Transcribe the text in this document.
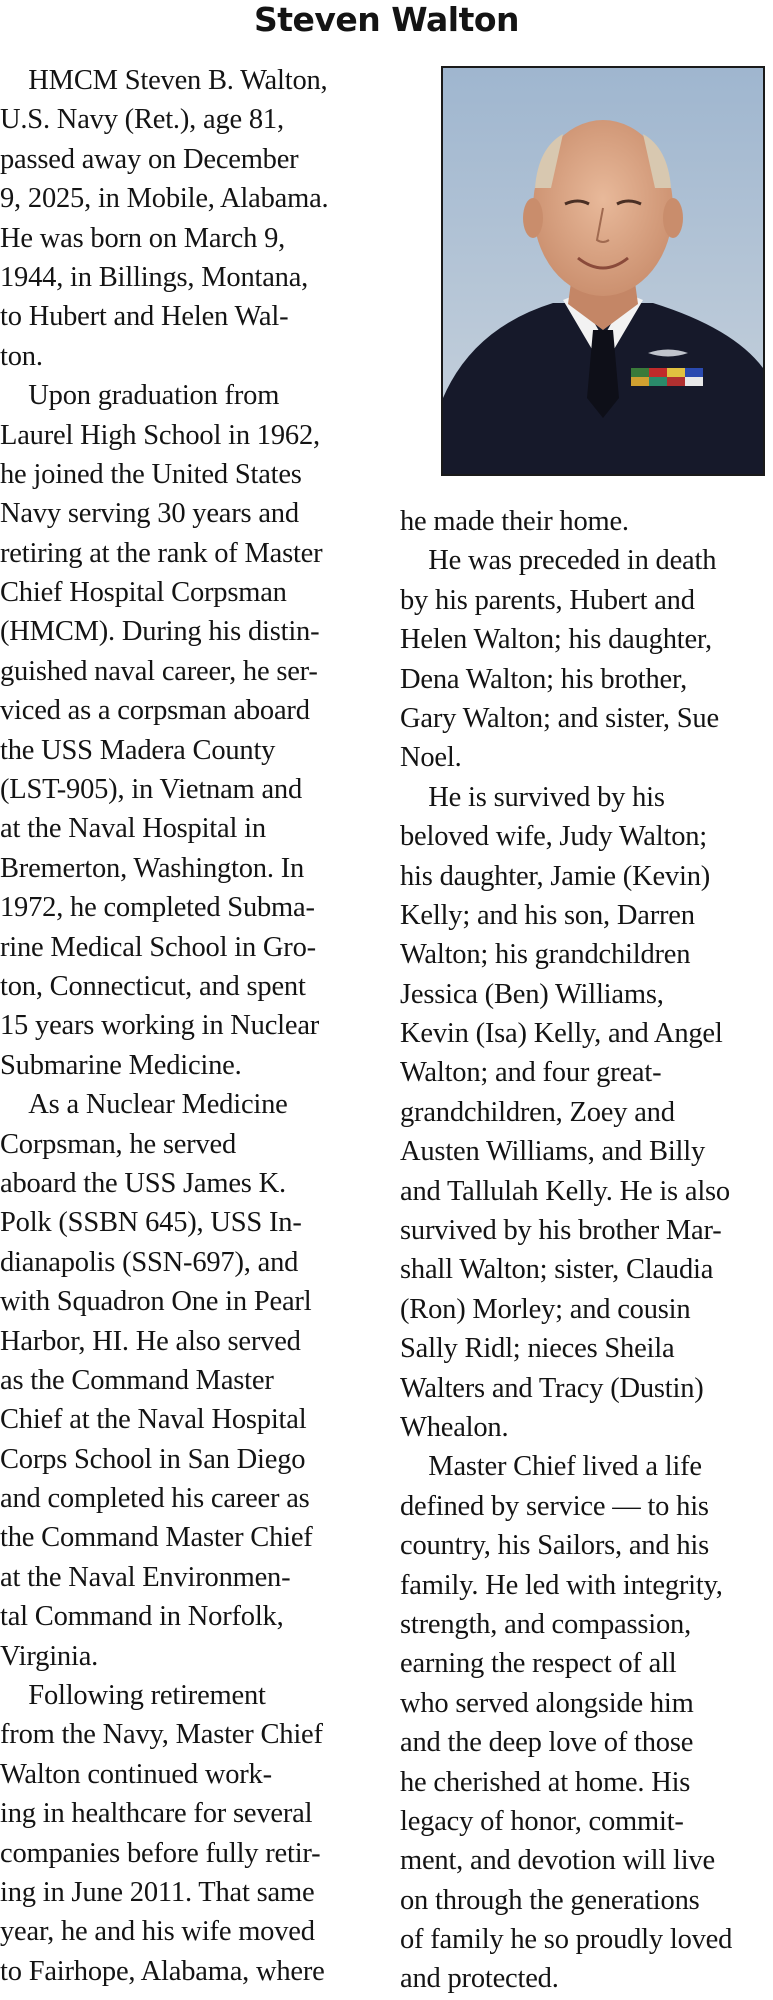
Steven Walton
 HMCM Steven B. Walton,
U.S. Navy (Ret.), age 81,
passed away on December
9, 2025, in Mobile, Alabama.
He was born on March 9,
1944, in Billings, Montana,
to Hubert and Helen Wal-
ton.
 Upon graduation from
Laurel High School in 1962,
he joined the United States
Navy serving 30 years and
retiring at the rank of Master
Chief Hospital Corpsman
(HMCM). During his distin-
guished naval career, he ser-
viced as a corpsman aboard
the USS Madera County
(LST-905), in Vietnam and
at the Naval Hospital in
Bremerton, Washington. In
1972, he completed Subma-
rine Medical School in Gro-
ton, Connecticut, and spent
15 years working in Nuclear
Submarine Medicine.
 As a Nuclear Medicine
Corpsman, he served
aboard the USS James K.
Polk (SSBN 645), USS In-
dianapolis (SSN-697), and
with Squadron One in Pearl
Harbor, HI. He also served
as the Command Master
Chief at the Naval Hospital
Corps School in San Diego
and completed his career as
the Command Master Chief
at the Naval Environmen-
tal Command in Norfolk,
Virginia.
 Following retirement
from the Navy, Master Chief
Walton continued work-
ing in healthcare for several
companies before fully retir-
ing in June 2011. That same
year, he and his wife moved
to Fairhope, Alabama, where
he made their home.
 He was preceded in death
by his parents, Hubert and
Helen Walton; his daughter,
Dena Walton; his brother,
Gary Walton; and sister, Sue
Noel.
 He is survived by his
beloved wife, Judy Walton;
his daughter, Jamie (Kevin)
Kelly; and his son, Darren
Walton; his grandchildren
Jessica (Ben) Williams,
Kevin (Isa) Kelly, and Angel
Walton; and four great-
grandchildren, Zoey and
Austen Williams, and Billy
and Tallulah Kelly. He is also
survived by his brother Mar-
shall Walton; sister, Claudia
(Ron) Morley; and cousin
Sally Ridl; nieces Sheila
Walters and Tracy (Dustin)
Whealon.
 Master Chief lived a life
defined by service — to his
country, his Sailors, and his
family. He led with integrity,
strength, and compassion,
earning the respect of all
who served alongside him
and the deep love of those
he cherished at home. His
legacy of honor, commit-
ment, and devotion will live
on through the generations
of family he so proudly loved
and protected.
